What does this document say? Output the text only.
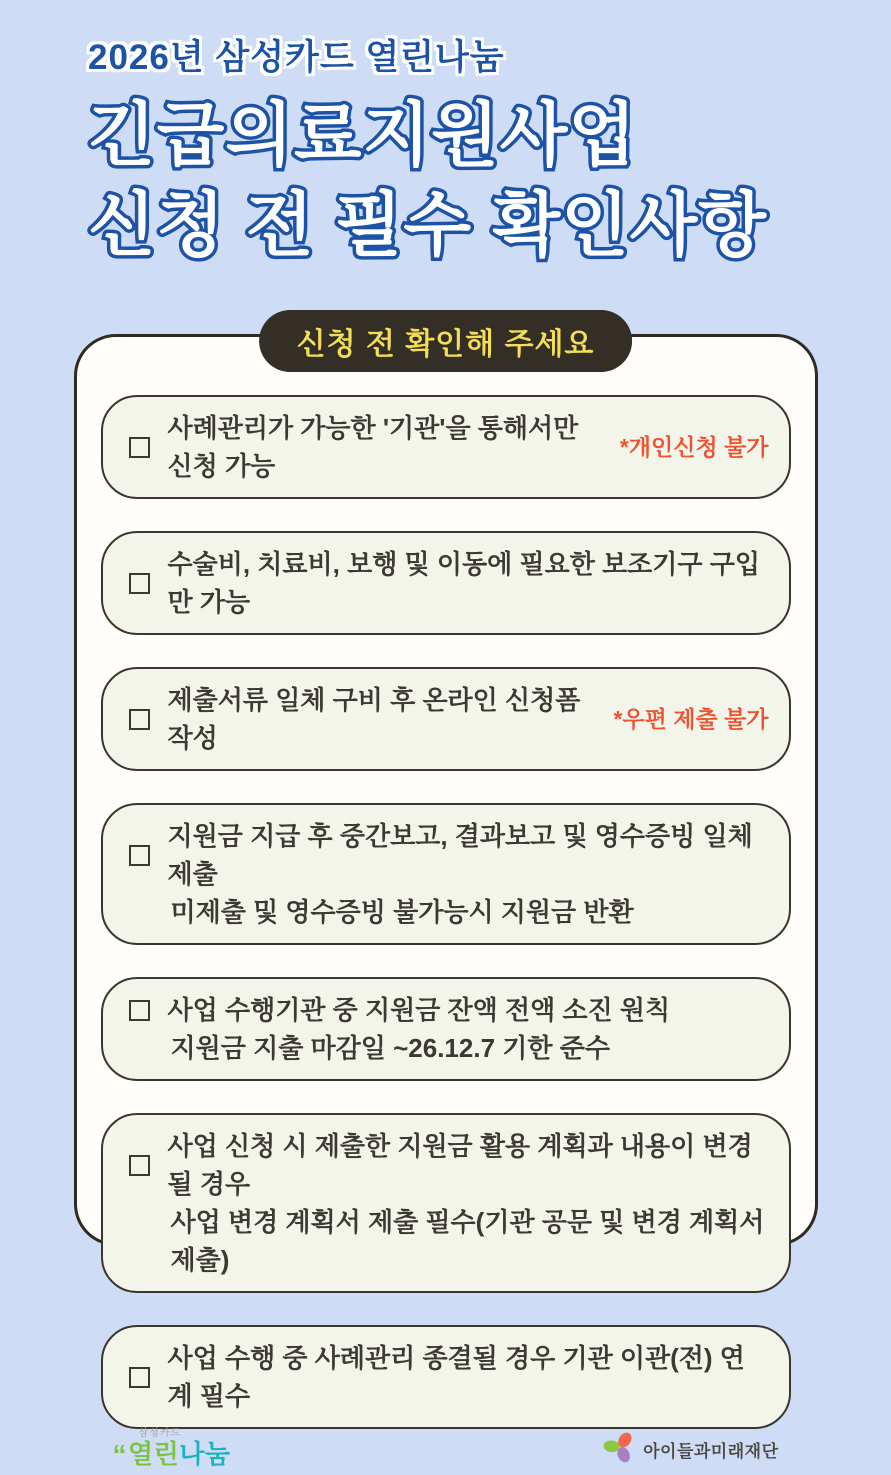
2026년 삼성카드 열린나눔
긴급의료지원사업
신청 전 필수 확인사항
신청 전 확인해 주세요
사례관리가 가능한 '기관'을 통해서만 신청 가능
*개인신청 불가
수술비, 치료비, 보행 및 이동에 필요한 보조기구 구입만 가능
제출서류 일체 구비 후 온라인 신청폼 작성
*우편 제출 불가
지원금 지급 후 중간보고, 결과보고 및 영수증빙 일체 제출
미제출 및 영수증빙 불가능시 지원금 반환
사업 수행기관 중 지원금 잔액 전액 소진 원칙
지원금 지출 마감일 ~26.12.7 기한 준수
사업 신청 시 제출한 지원금 활용 계획과 내용이 변경될 경우
사업 변경 계획서 제출 필수(기관 공문 및 변경 계획서 제출)
사업 수행 중 사례관리 종결될 경우 기관 이관(전) 연계 필수
삼성카드
“열린나눔	아이들과미래재단
